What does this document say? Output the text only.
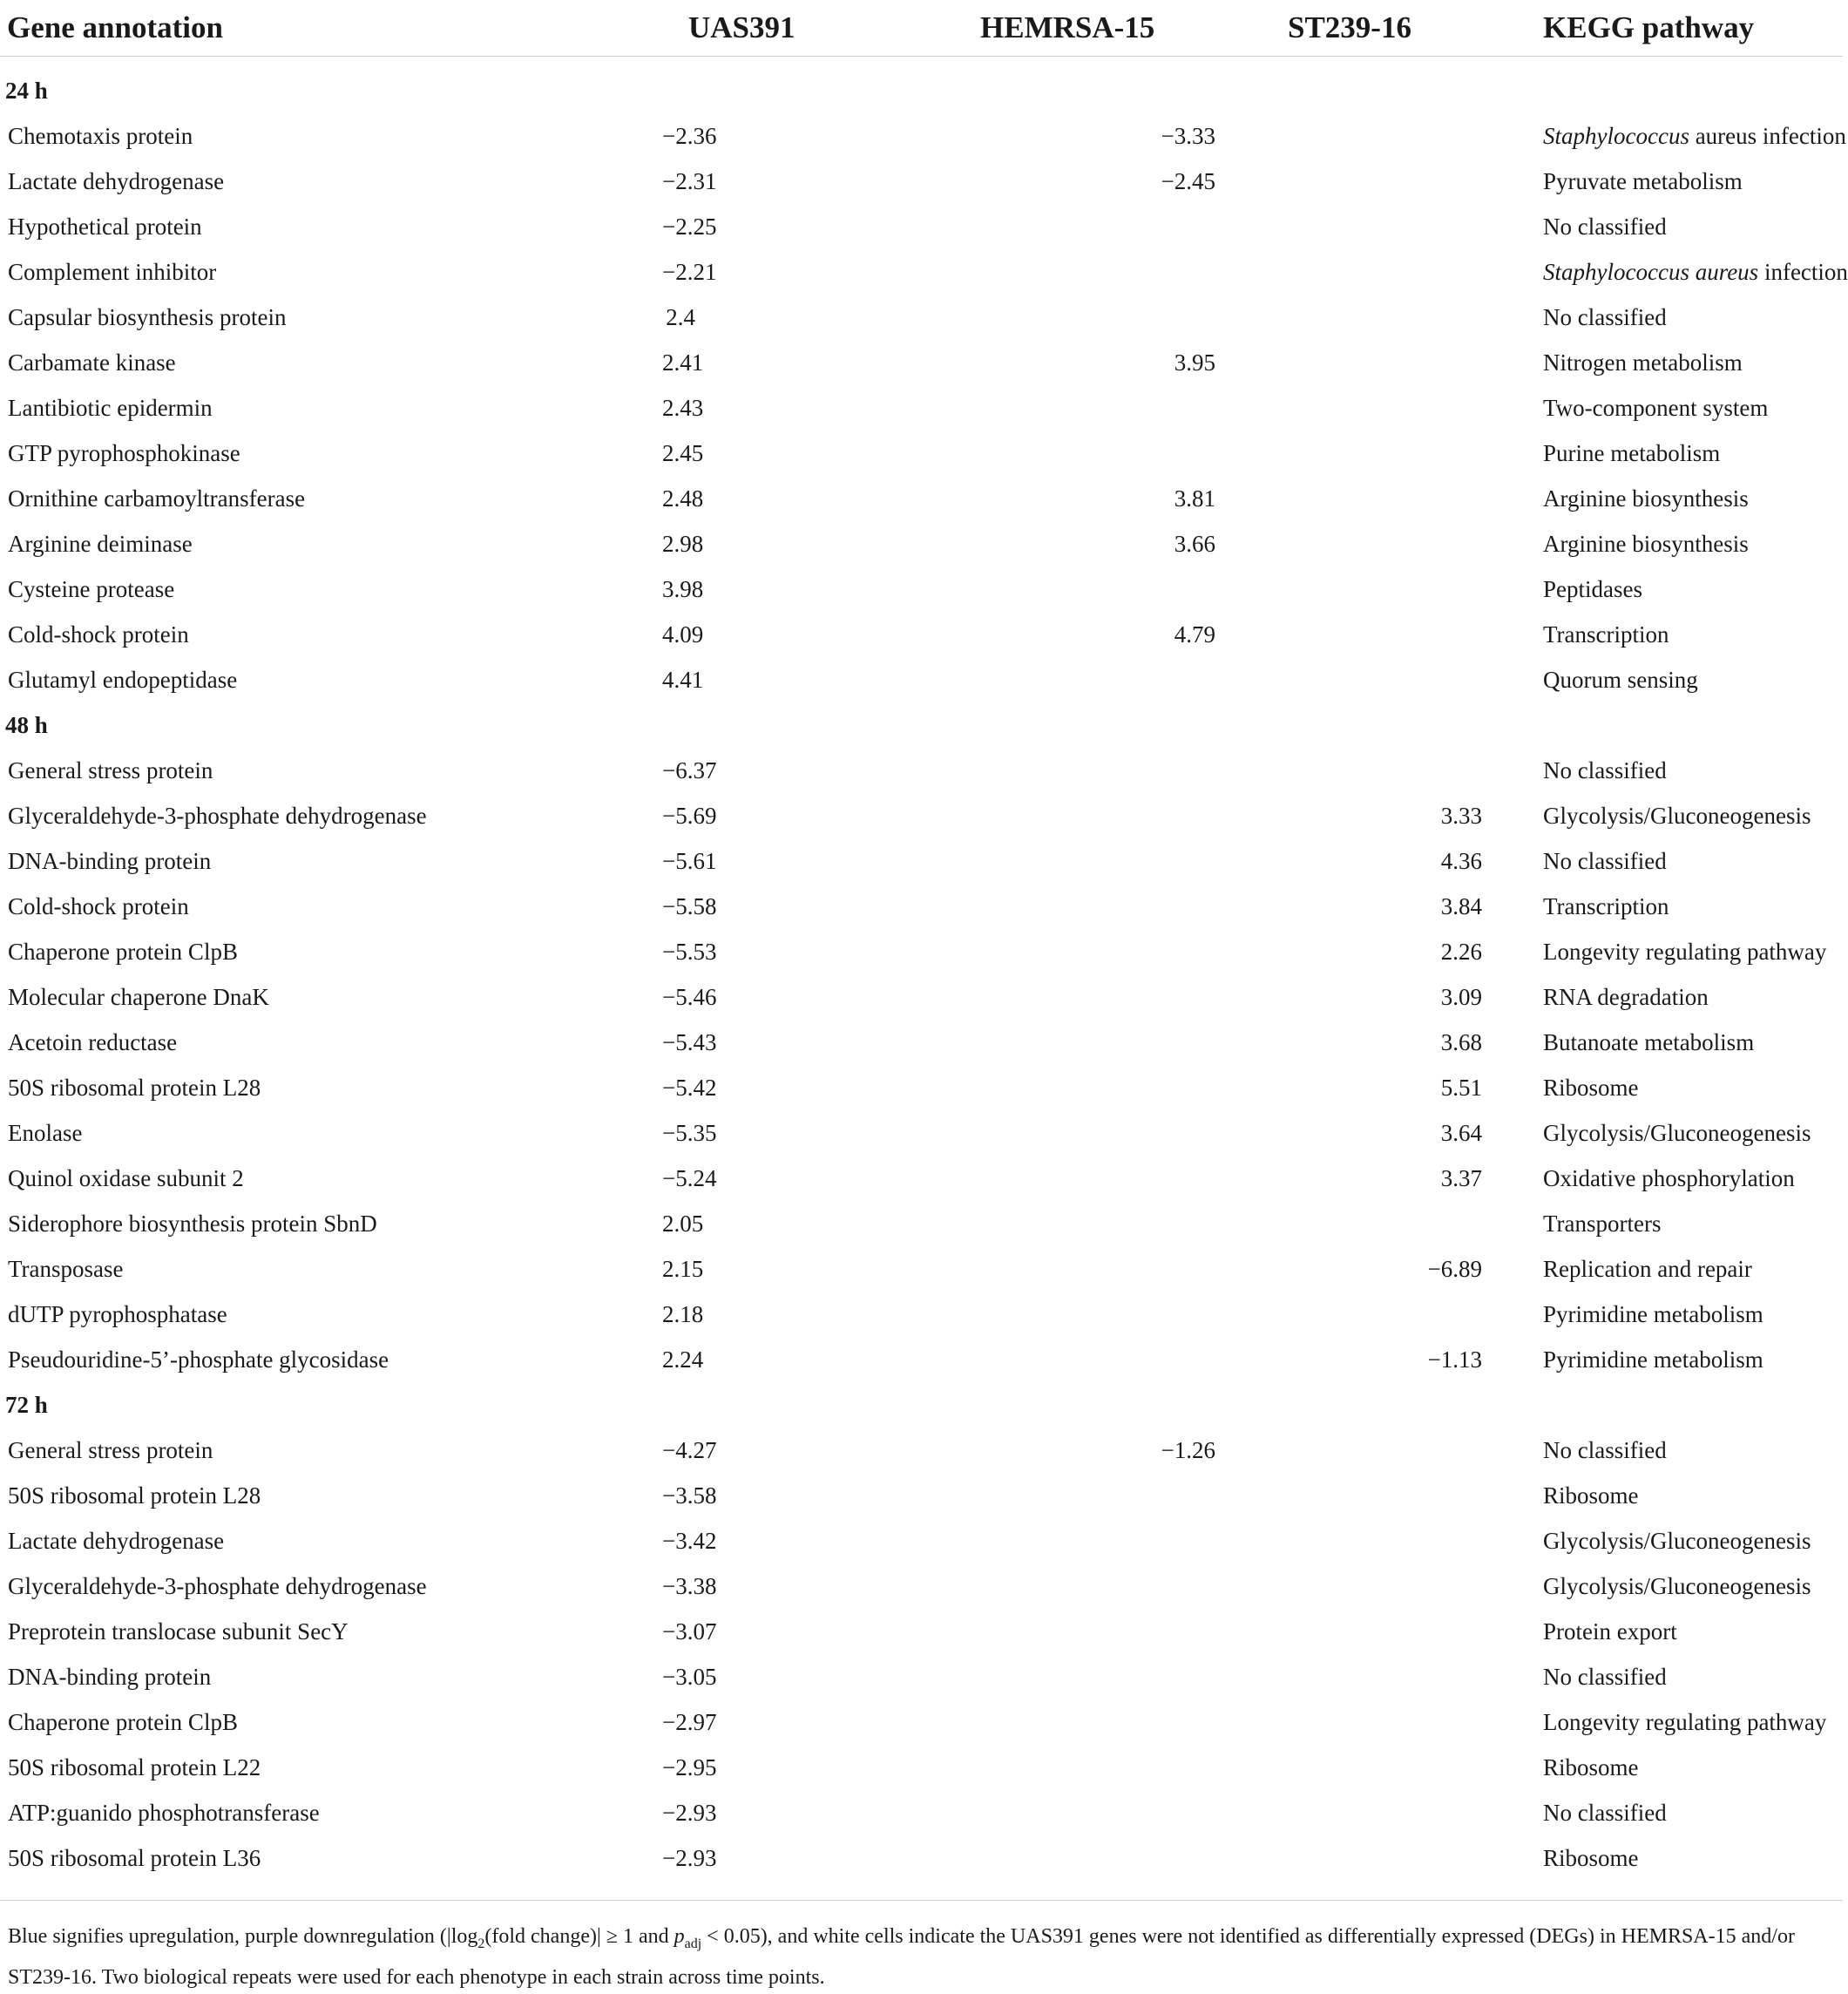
Gene annotation	UAS391	HEMRSA-15	ST239-16	KEGG pathway

24 h				
Chemotaxis protein	−2.36	−3.33		Staphylococcus aureus infection
Lactate dehydrogenase	−2.31	−2.45		Pyruvate metabolism
Hypothetical protein	−2.25			No classified
Complement inhibitor	−2.21			Staphylococcus aureus infection
Capsular biosynthesis protein	2.4			No classified
Carbamate kinase	2.41	3.95		Nitrogen metabolism
Lantibiotic epidermin	2.43			Two-component system
GTP pyrophosphokinase	2.45			Purine metabolism
Ornithine carbamoyltransferase	2.48	3.81		Arginine biosynthesis
Arginine deiminase	2.98	3.66		Arginine biosynthesis
Cysteine protease	3.98			Peptidases
Cold-shock protein	4.09	4.79		Transcription
Glutamyl endopeptidase	4.41			Quorum sensing
48 h				
General stress protein	−6.37			No classified
Glyceraldehyde-3-phosphate dehydrogenase	−5.69		3.33	Glycolysis/Gluconeogenesis
DNA-binding protein	−5.61		4.36	No classified
Cold-shock protein	−5.58		3.84	Transcription
Chaperone protein ClpB	−5.53		2.26	Longevity regulating pathway
Molecular chaperone DnaK	−5.46		3.09	RNA degradation
Acetoin reductase	−5.43		3.68	Butanoate metabolism
50S ribosomal protein L28	−5.42		5.51	Ribosome
Enolase	−5.35		3.64	Glycolysis/Gluconeogenesis
Quinol oxidase subunit 2	−5.24		3.37	Oxidative phosphorylation
Siderophore biosynthesis protein SbnD	2.05			Transporters
Transposase	2.15		−6.89	Replication and repair
dUTP pyrophosphatase	2.18			Pyrimidine metabolism
Pseudouridine-5’-phosphate glycosidase	2.24		−1.13	Pyrimidine metabolism
72 h				
General stress protein	−4.27	−1.26		No classified
50S ribosomal protein L28	−3.58			Ribosome
Lactate dehydrogenase	−3.42			Glycolysis/Gluconeogenesis
Glyceraldehyde-3-phosphate dehydrogenase	−3.38			Glycolysis/Gluconeogenesis
Preprotein translocase subunit SecY	−3.07			Protein export
DNA-binding protein	−3.05			No classified
Chaperone protein ClpB	−2.97			Longevity regulating pathway
50S ribosomal protein L22	−2.95			Ribosome
ATP:guanido phosphotransferase	−2.93			No classified
50S ribosomal protein L36	−2.93			Ribosome
Blue signifies upregulation, purple downregulation ($|\log_2(fold$ change)| ≥ 1 and $p_{adj} < 0.05$), and white cells indicate the UAS391 genes were not identified as differentially expressed (DEGs) in HEMRSA-15 and/or ST239-16. Two biological repeats were used for each phenotype in each strain across time points.
